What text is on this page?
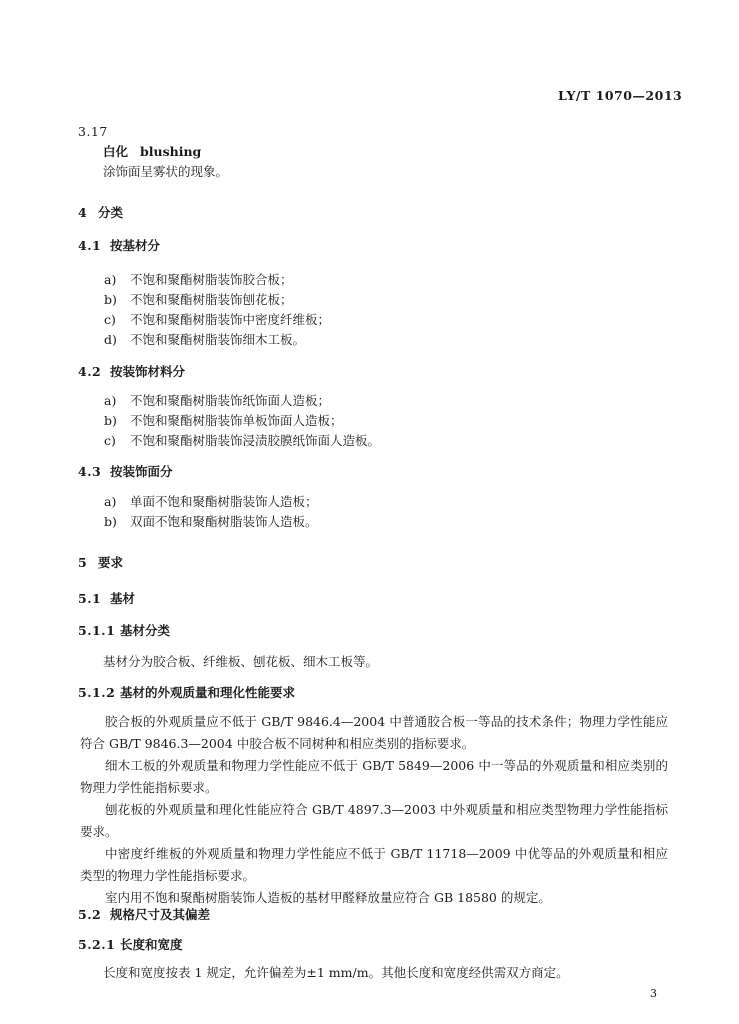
LY/T 1070—2013
3.17
白化 blushing
涂饰面呈雾状的现象。
4 分类
4.1 按基材分
a) 不饱和聚酯树脂装饰胶合板；
b) 不饱和聚酯树脂装饰刨花板；
c) 不饱和聚酯树脂装饰中密度纤维板；
d) 不饱和聚酯树脂装饰细木工板。
4.2 按装饰材料分
a) 不饱和聚酯树脂装饰纸饰面人造板；
b) 不饱和聚酯树脂装饰单板饰面人造板；
c) 不饱和聚酯树脂装饰浸渍胶膜纸饰面人造板。
4.3 按装饰面分
a) 单面不饱和聚酯树脂装饰人造板；
b) 双面不饱和聚酯树脂装饰人造板。
5 要求
5.1 基材
5.1.1 基材分类
基材分为胶合板、纤维板、刨花板、细木工板等。
5.1.2 基材的外观质量和理化性能要求

胶合板的外观质量应不低于 GB/T 9846.4—2004 中普通胶合板一等品的技术条件；物理力学性能应符合 GB/T 9846.3—2004 中胶合板不同树种和相应类别的指标要求。

细木工板的外观质量和物理力学性能应不低于 GB/T 5849—2006 中一等品的外观质量和相应类别的物理力学性能指标要求。

刨花板的外观质量和理化性能应符合 GB/T 4897.3—2003 中外观质量和相应类型物理力学性能指标要求。

中密度纤维板的外观质量和物理力学性能应不低于 GB/T 11718—2009 中优等品的外观质量和相应类型的物理力学性能指标要求。

室内用不饱和聚酯树脂装饰人造板的基材甲醛释放量应符合 GB 18580 的规定。

5.2 规格尺寸及其偏差
5.2.1 长度和宽度
长度和宽度按表 1 规定，允许偏差为±1 mm/m。其他长度和宽度经供需双方商定。
3
